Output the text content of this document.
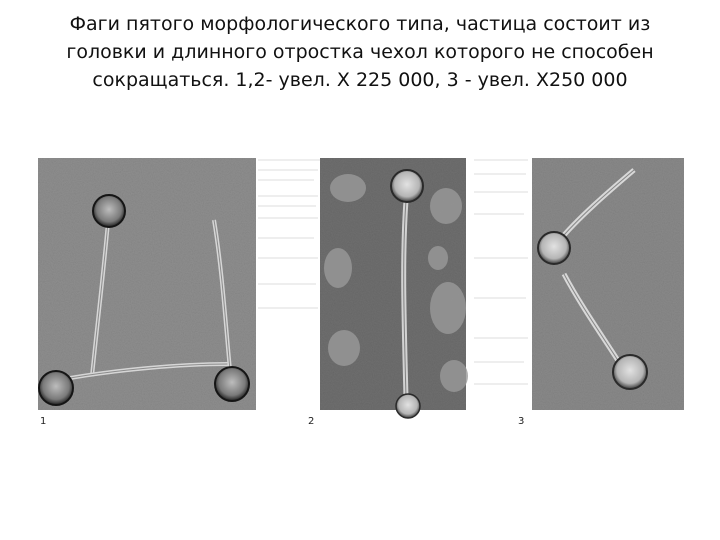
Фаги пятого морфологического типа, частица состоит из головки и длинного отростка чехол которого не способен сокращаться. 1,2- увел. Х 225 000, 3 - увел. Х250 000

1	2	3
